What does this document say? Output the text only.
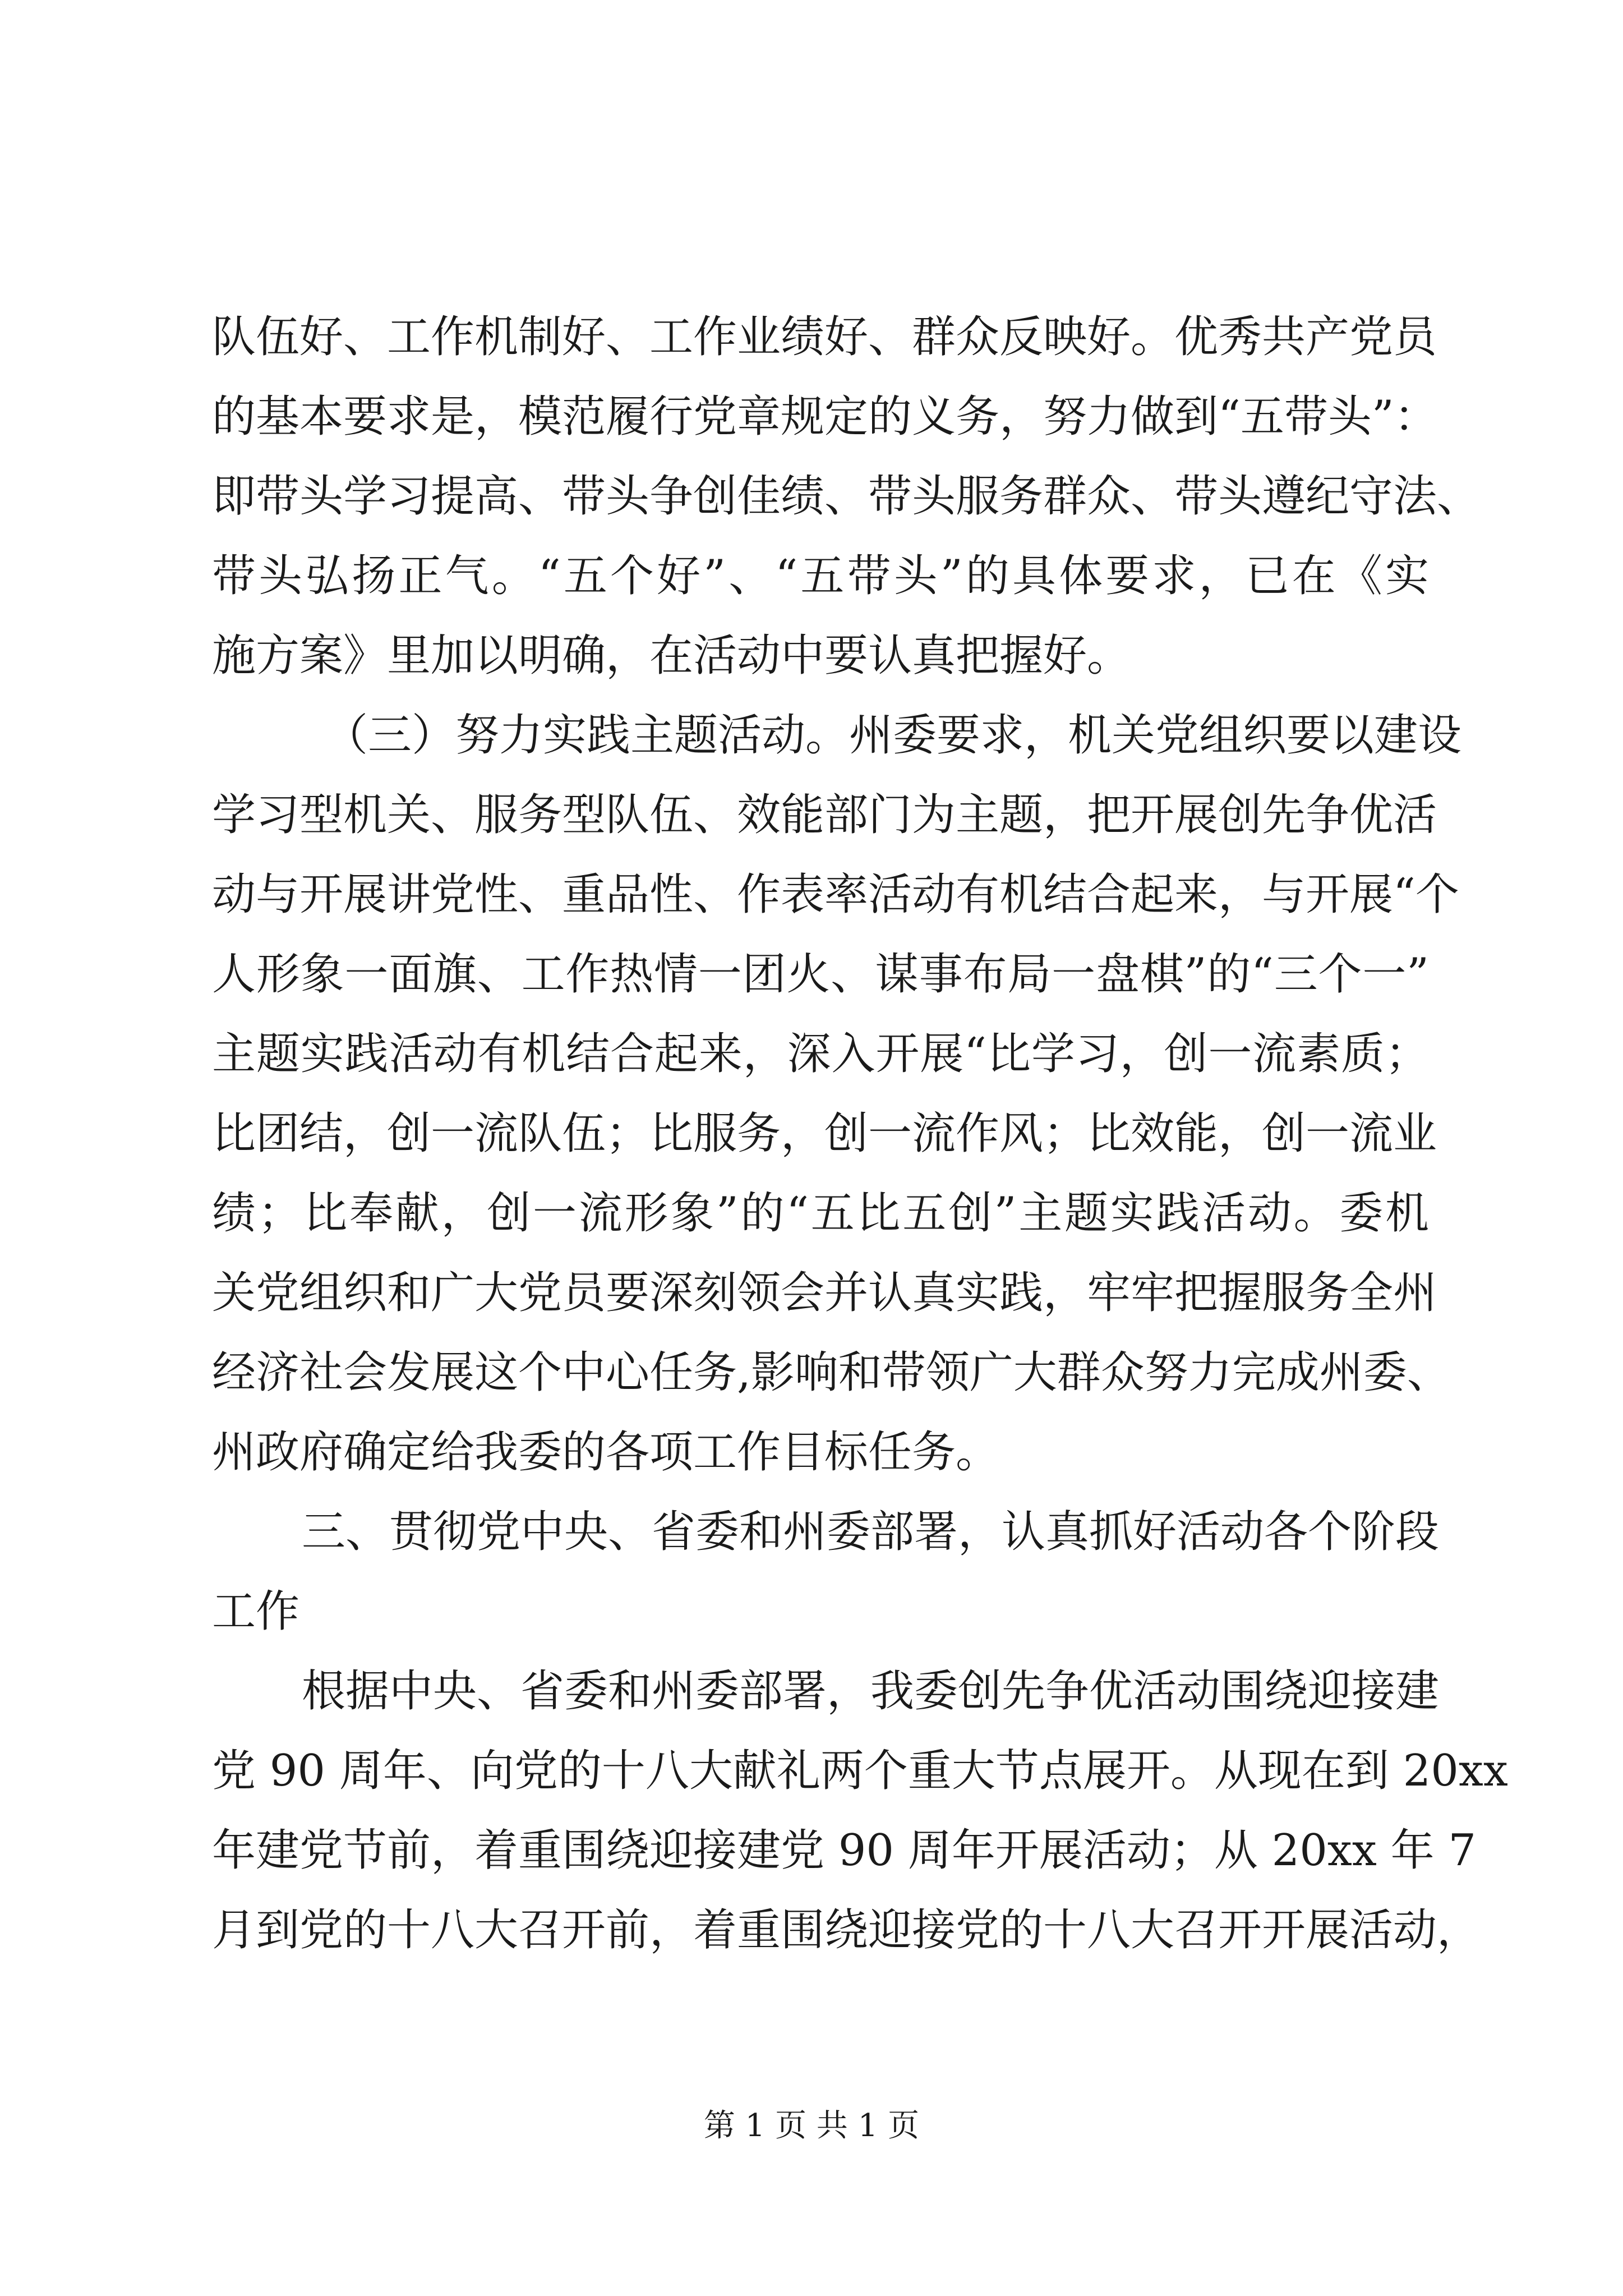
队伍好、工作机制好、工作业绩好、群众反映好。优秀共产党员
的基本要求是，模范履行党章规定的义务，努力做到“五带头”：
即带头学习提高、带头争创佳绩、带头服务群众、带头遵纪守法、
带头弘扬正气。“五个好”、“五带头”的具体要求，已在《实
施方案》里加以明确，在活动中要认真把握好。
（三）努力实践主题活动。州委要求，机关党组织要以建设
学习型机关、服务型队伍、效能部门为主题，把开展创先争优活
动与开展讲党性、重品性、作表率活动有机结合起来，与开展“个
人形象一面旗、工作热情一团火、谋事布局一盘棋”的“三个一”
主题实践活动有机结合起来，深入开展“比学习，创一流素质；
比团结，创一流队伍；比服务，创一流作风；比效能，创一流业
绩；比奉献，创一流形象”的“五比五创”主题实践活动。委机
关党组织和广大党员要深刻领会并认真实践，牢牢把握服务全州
经济社会发展这个中心任务,影响和带领广大群众努力完成州委、
州政府确定给我委的各项工作目标任务。
三、贯彻党中央、省委和州委部署，认真抓好活动各个阶段
工作
根据中央、省委和州委部署，我委创先争优活动围绕迎接建
党 90 周年、向党的十八大献礼两个重大节点展开。从现在到 20xx
年建党节前，着重围绕迎接建党 90 周年开展活动；从 20xx 年 7
月到党的十八大召开前，着重围绕迎接党的十八大召开开展活动，
第 1 页 共 1 页
